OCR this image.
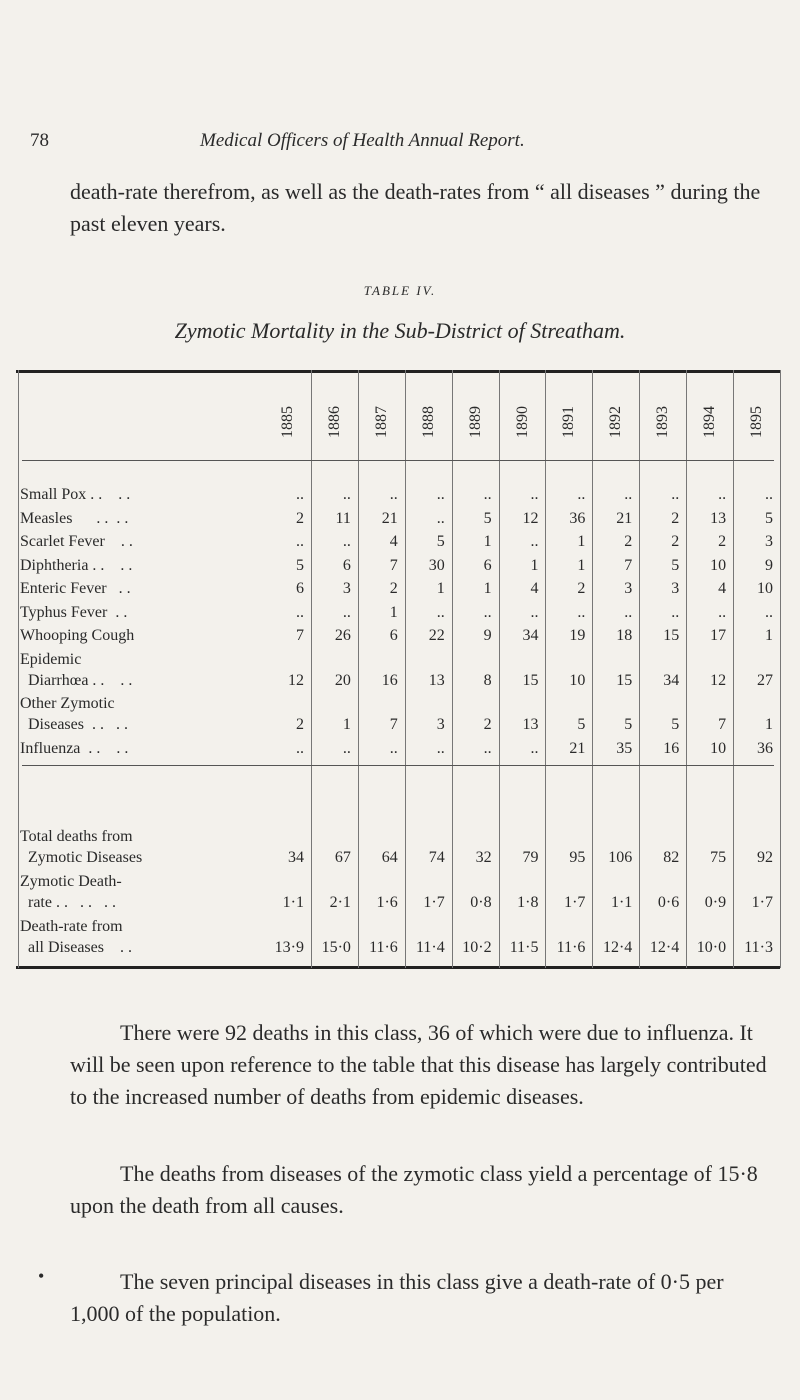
78	Medical Officers of Health Annual Report.
death-rate therefrom, as well as the death-rates from “ all diseases ” during the past eleven years.
TABLE IV.
Zymotic Mortality in the Sub-District of Streatham.
1885 1886 1887 1888 1889 1890 1891 1892 1893 1894 1895
Small Pox . .    . .	..	..	..	..	..	..	..	..	..	..	..
Measles      . .  . .	2	11	21	..	5	12	36	21	2	13	5
Scarlet Fever    . .	..	..	4	5	1	..	1	2	2	2	3
Diphtheria . .    . .	5	6	7	30	6	1	1	7	5	10	9
Enteric Fever   . .	6	3	2	1	1	4	2	3	3	4	10
Typhus Fever  . .	..	..	1	..	..	..	..	..	..	..	..
Whooping Cough	7	26	6	22	9	34	19	18	15	17	1
Epidemic
Diarrhœa . .    . .	12	20	16	13	8	15	10	15	34	12	27
Other Zymotic
Diseases  . .   . .	2	1	7	3	2	13	5	5	5	7	1
Influenza  . .    . .	..	..	..	..	..	..	21	35	16	10	36
Total deaths from
Zymotic Diseases	34	67	64	74	32	79	95	106	82	75	92
Zymotic Death-
rate . .   . .   . .	1·1	2·1	1·6	1·7	0·8	1·8	1·7	1·1	0·6	0·9	1·7
Death-rate from
all Diseases    . .	13·9	15·0	11·6	11·4	10·2	11·5	11·6	12·4	12·4	10·0	11·3
There were 92 deaths in this class, 36 of which were due to influenza. It will be seen upon reference to the table that this disease has largely contributed to the increased number of deaths from epidemic diseases.
The deaths from diseases of the zymotic class yield a percentage of 15·8 upon the death from all causes.
•	The seven principal diseases in this class give a death-rate of 0·5 per 1,000 of the population.
